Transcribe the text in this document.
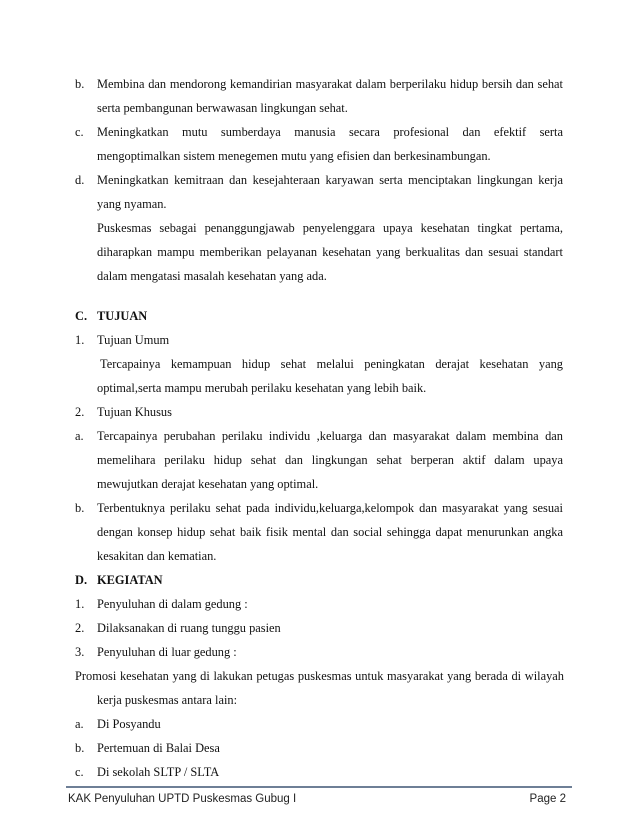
b. Membina dan mendorong kemandirian masyarakat dalam berperilaku hidup bersih dan sehat
serta pembangunan berwawasan lingkungan sehat.
c. Meningkatkan mutu sumberdaya manusia secara profesional dan efektif serta
mengoptimalkan sistem menegemen mutu yang efisien dan berkesinambungan.
d. Meningkatkan kemitraan dan kesejahteraan karyawan serta menciptakan lingkungan kerja
yang nyaman.
Puskesmas sebagai penanggungjawab penyelenggara upaya kesehatan tingkat pertama,
diharapkan mampu memberikan pelayanan kesehatan yang berkualitas dan sesuai standart
dalam mengatasi masalah kesehatan yang ada.
C. TUJUAN
1. Tujuan Umum
Tercapainya kemampuan hidup sehat melalui peningkatan derajat kesehatan yang
optimal,serta mampu merubah perilaku kesehatan yang lebih baik.
2. Tujuan Khusus
a. Tercapainya perubahan perilaku individu ,keluarga dan masyarakat dalam membina dan
memelihara perilaku hidup sehat dan lingkungan sehat berperan aktif dalam upaya
mewujutkan derajat kesehatan yang optimal.
b. Terbentuknya perilaku sehat pada individu,keluarga,kelompok dan masyarakat yang sesuai
dengan konsep hidup sehat baik fisik mental dan social sehingga dapat menurunkan angka
kesakitan dan kematian.
D. KEGIATAN
1. Penyuluhan di dalam gedung :
2. Dilaksanakan di ruang tunggu pasien
3. Penyuluhan di luar gedung :
Promosi kesehatan yang di lakukan petugas puskesmas untuk masyarakat yang berada di wilayah
kerja puskesmas antara lain:
a. Di Posyandu
b. Pertemuan di Balai Desa
KAK Penyuluhan UPTD Puskesmas Gubug I	Page 2
c. Di sekolah SLTP / SLTA
